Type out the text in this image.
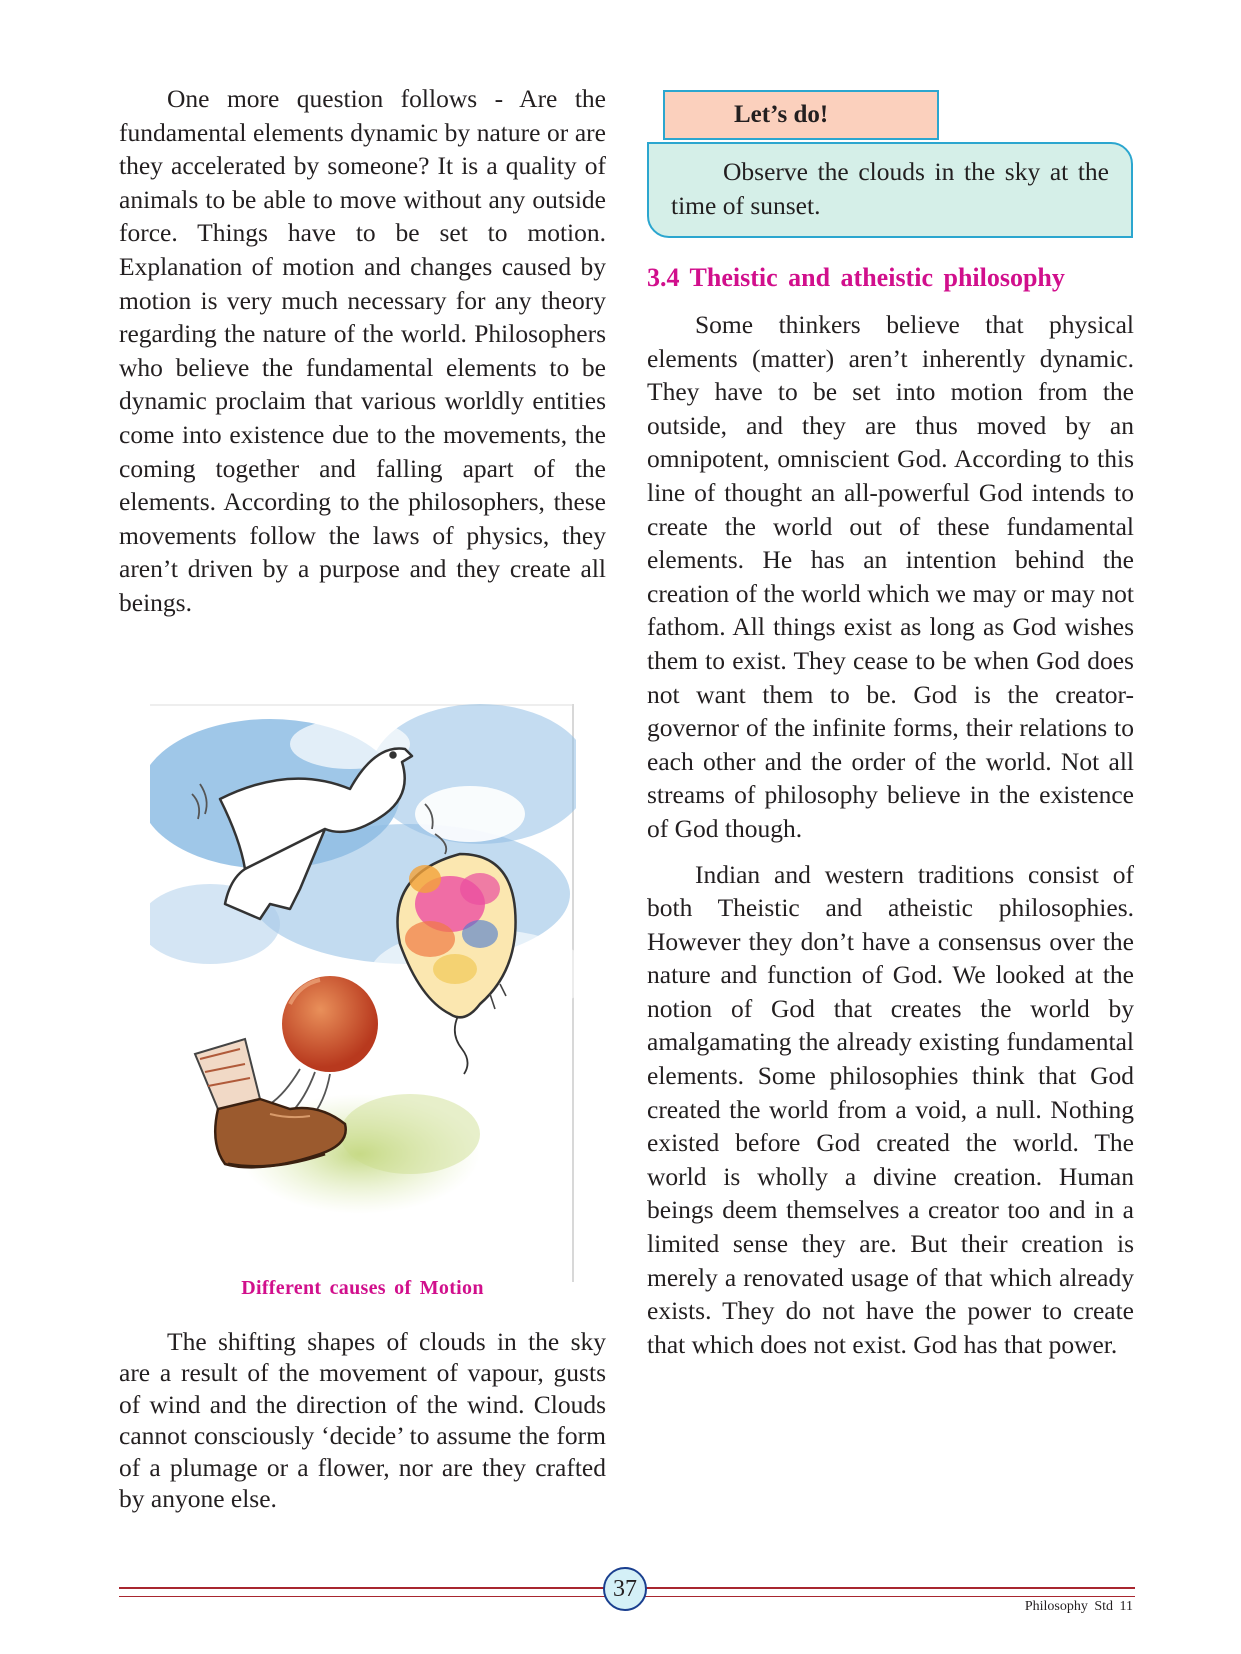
One more question follows - Are the fundamental elements dynamic by nature or are they accelerated by someone? It is a quality of animals to be able to move without any outside force. Things have to be set to motion. Explanation of motion and changes caused by motion is very much necessary for any theory regarding the nature of the world. Philosophers who believe the fundamental elements to be dynamic proclaim that various worldly entities come into existence due to the movements, the coming together and falling apart of the elements. According to the philosophers, these movements follow the laws of physics, they aren’t driven by a purpose and they create all beings.

Different causes of Motion

The shifting shapes of clouds in the sky are a result of the movement of vapour, gusts of wind and the direction of the wind. Clouds cannot consciously ‘decide’ to assume the form of a plumage or a flower, nor are they crafted by anyone else.

Let’s do!

Observe the clouds in the sky at the time of sunset.

3.4 Theistic and atheistic philosophy

Some thinkers believe that physical elements (matter) aren’t inherently dynamic. They have to be set into motion from the outside, and they are thus moved by an omnipotent, omniscient God. According to this line of thought an all-powerful God intends to create the world out of these fundamental elements. He has an intention behind the creation of the world which we may or may not fathom. All things exist as long as God wishes them to exist. They cease to be when God does not want them to be. God is the creator-governor of the infinite forms, their relations to each other and the order of the world. Not all streams of philosophy believe in the existence of God though.

Indian and western traditions consist of both Theistic and atheistic philosophies. However they don’t have a consensus over the nature and function of God. We looked at the notion of God that creates the world by amalgamating the already existing fundamental elements. Some philosophies think that God created the world from a void, a null. Nothing existed before God created the world. The world is wholly a divine creation. Human beings deem themselves a creator too and in a limited sense they are. But their creation is merely a renovated usage of that which already exists. They do not have the power to create that which does not exist. God has that power.

37
Philosophy Std 11
